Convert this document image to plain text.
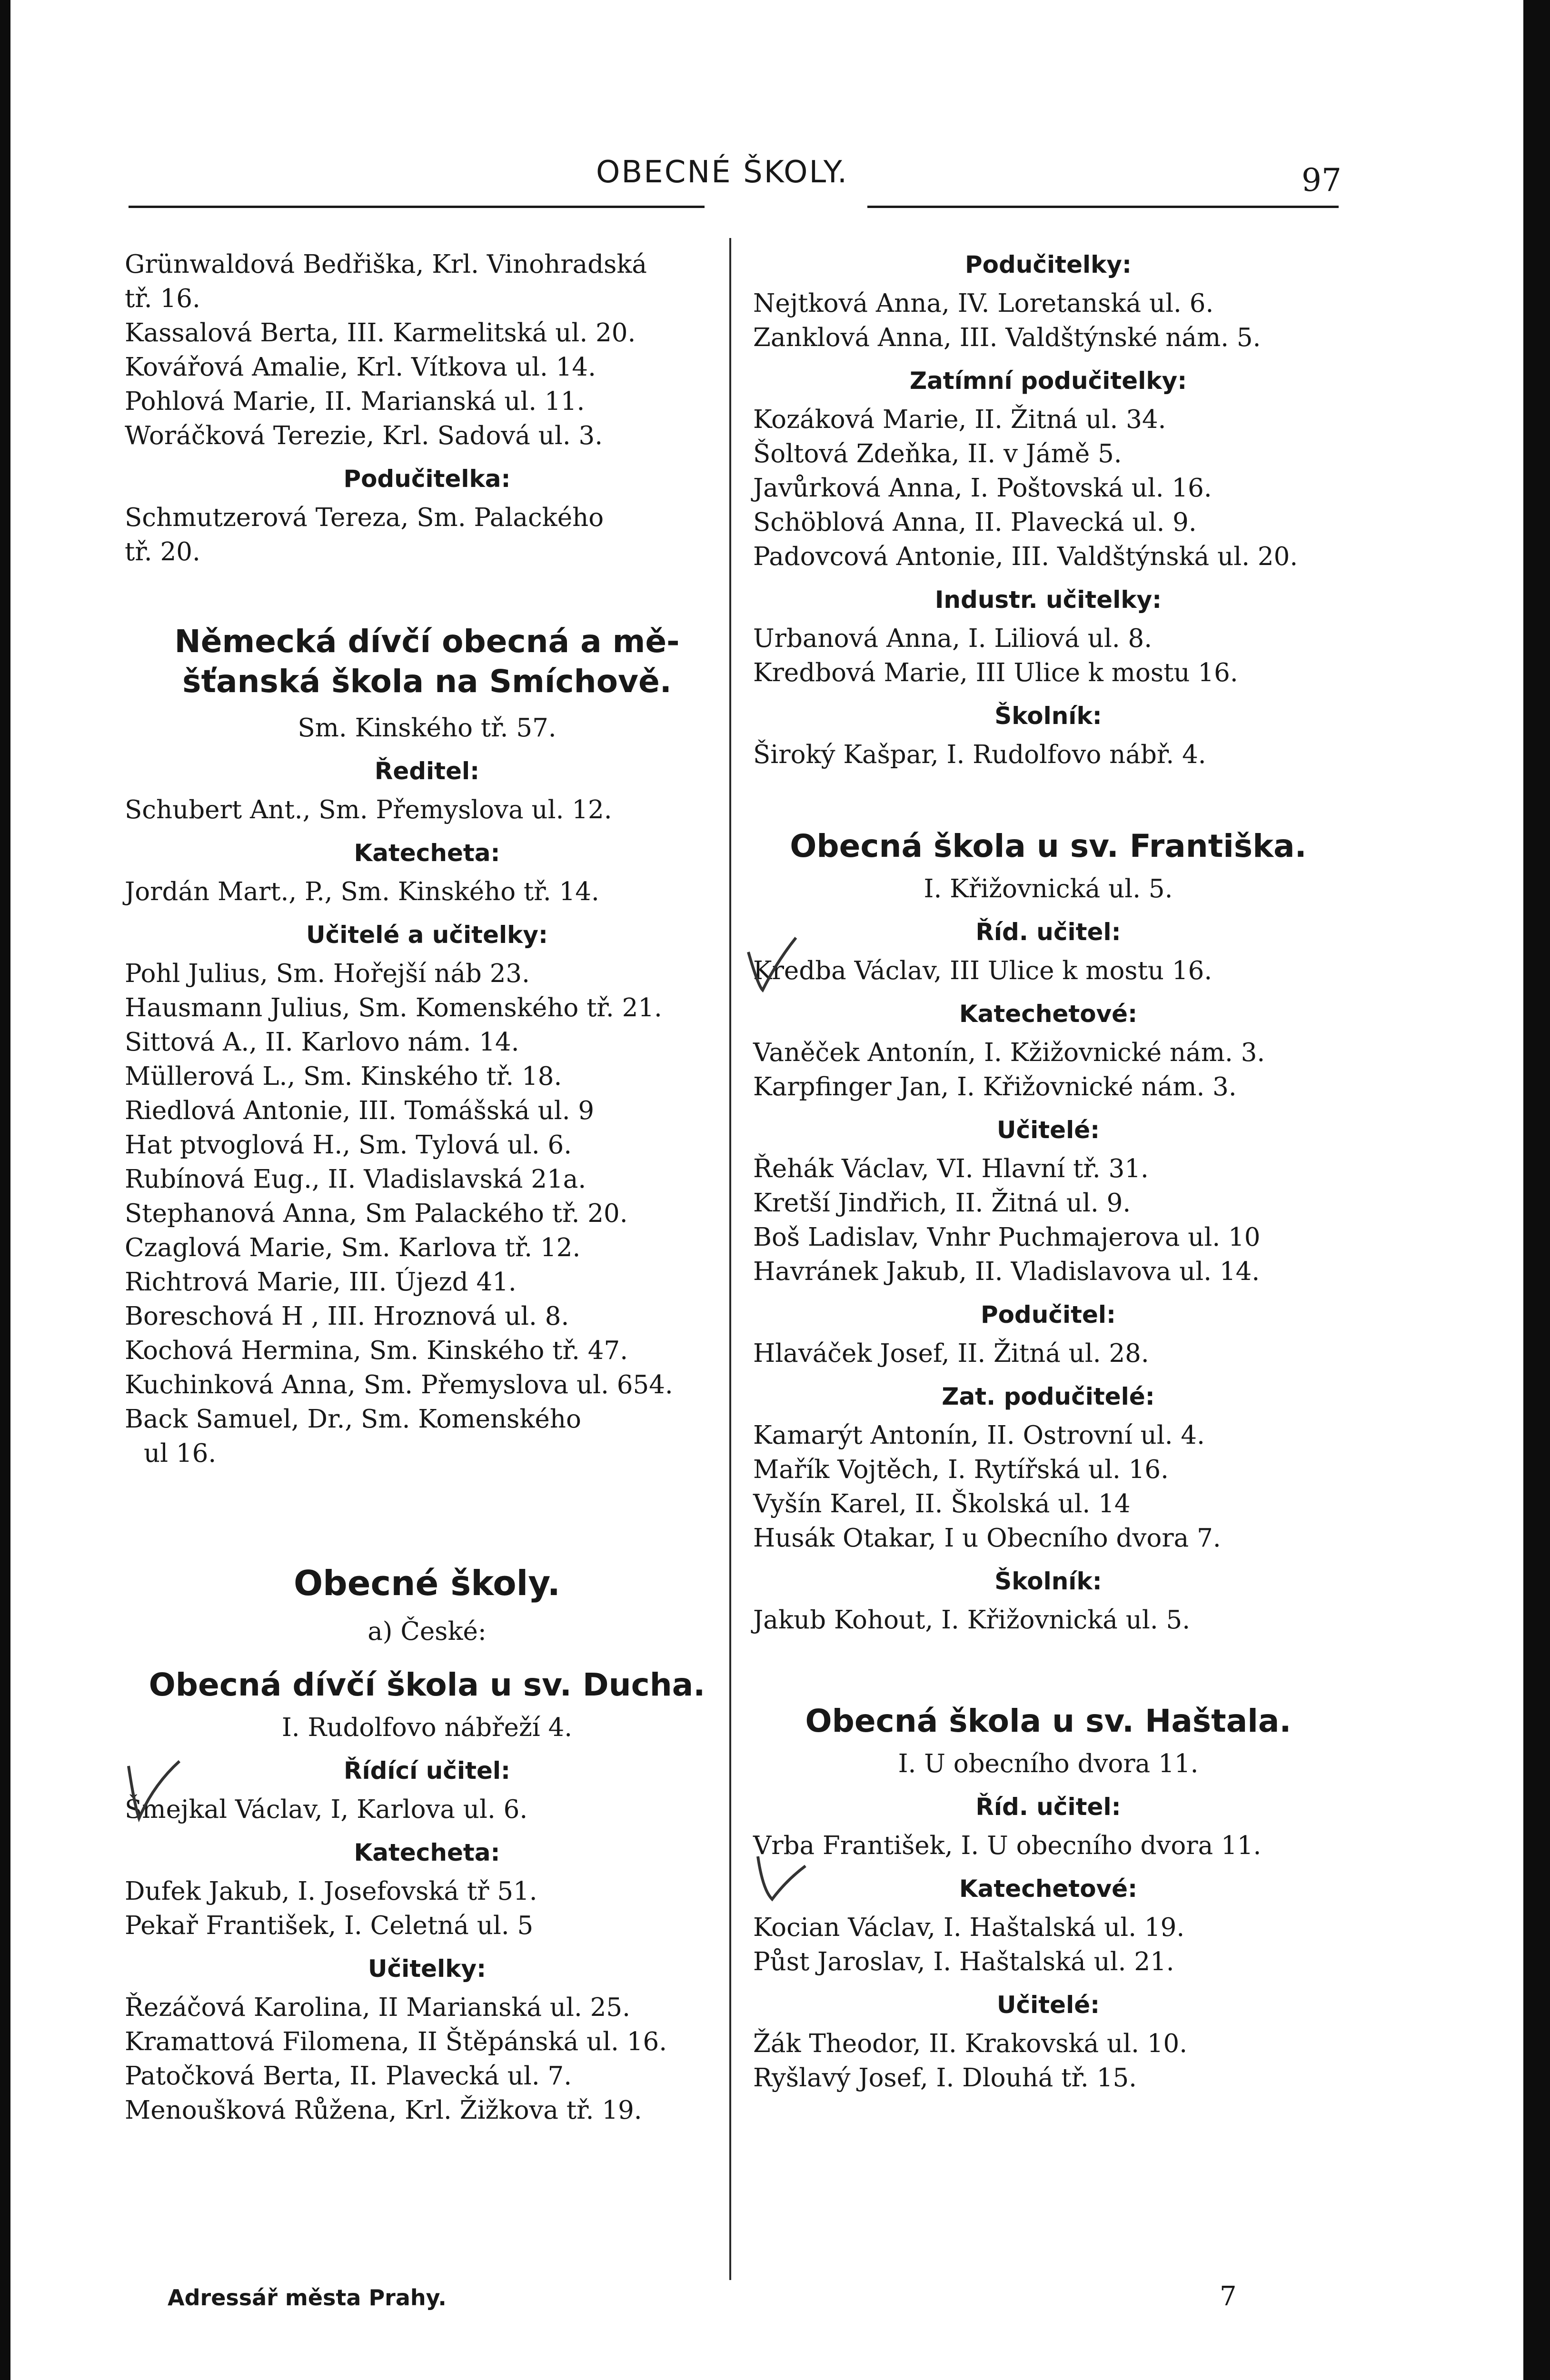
OBECNÉ ŠKOLY.	97

Grünwaldová Bedřiška, Krl. Vinohradská

tř. 16.

Kassalová Berta, III. Karmelitská ul. 20.

Kovářová Amalie, Krl. Vítkova ul. 14.

Pohlová Marie, II. Marianská ul. 11.

Woráčková Terezie, Krl. Sadová ul. 3.

Podučitelka:

Schmutzerová Tereza, Sm. Palackého

tř. 20.

Německá dívčí obecná a mě-
šťanská škola na Smíchově.
Sm. Kinského tř. 57.
Ředitel:

Schubert Ant., Sm. Přemyslova ul. 12.

Katecheta:

Jordán Mart., P., Sm. Kinského tř. 14.

Učitelé a učitelky:

Pohl Julius, Sm. Hořejší náb 23.

Hausmann Julius, Sm. Komenského tř. 21.

Sittová A., II. Karlovo nám. 14.

Müllerová L., Sm. Kinského tř. 18.

Riedlová Antonie, III. Tomášská ul. 9

Hat ptvoglová H., Sm. Tylová ul. 6.

Rubínová Eug., II. Vladislavská 21a.

Stephanová Anna, Sm Palackého tř. 20.

Czaglová Marie, Sm. Karlova tř. 12.

Richtrová Marie, III. Újezd 41.

Boreschová H , III. Hroznová ul. 8.

Kochová Hermina, Sm. Kinského tř. 47.

Kuchinková Anna, Sm. Přemyslova ul. 654.

Back Samuel, Dr., Sm. Komenského

ul 16.

Obecné školy.
a) České:
Obecná dívčí škola u sv. Ducha.
I. Rudolfovo nábřeží 4.
Řídící učitel:

Šmejkal Václav, I, Karlova ul. 6.

Katecheta:

Dufek Jakub, I. Josefovská tř 51.

Pekař František, I. Celetná ul. 5

Učitelky:

Řezáčová Karolina, II Marianská ul. 25.

Kramattová Filomena, II Štěpánská ul. 16.

Patočková Berta, II. Plavecká ul. 7.

Menoušková Růžena, Krl. Žižkova tř. 19.

Podučitelky:

Nejtková Anna, IV. Loretanská ul. 6.

Zanklová Anna, III. Valdštýnské nám. 5.

Zatímní podučitelky:

Kozáková Marie, II. Žitná ul. 34.

Šoltová Zdeňka, II. v Jámě 5.

Javůrková Anna, I. Poštovská ul. 16.

Schöblová Anna, II. Plavecká ul. 9.

Padovcová Antonie, III. Valdštýnská ul. 20.

Industr. učitelky:

Urbanová Anna, I. Liliová ul. 8.

Kredbová Marie, III Ulice k mostu 16.

Školník:

Široký Kašpar, I. Rudolfovo nábř. 4.

Obecná škola u sv. Františka.
I. Křižovnická ul. 5.
Říd. učitel:

Kredba Václav, III Ulice k mostu 16.

Katechetové:

Vaněček Antonín, I. Kžižovnické nám. 3.

Karpfinger Jan, I. Křižovnické nám. 3.

Učitelé:

Řehák Václav, VI. Hlavní tř. 31.

Kretší Jindřich, II. Žitná ul. 9.

Boš Ladislav, Vnhr Puchmajerova ul. 10

Havránek Jakub, II. Vladislavova ul. 14.

Podučitel:

Hlaváček Josef, II. Žitná ul. 28.

Zat. podučitelé:

Kamarýt Antonín, II. Ostrovní ul. 4.

Mařík Vojtěch, I. Rytířská ul. 16.

Vyšín Karel, II. Školská ul. 14

Husák Otakar, I u Obecního dvora 7.

Školník:

Jakub Kohout, I. Křižovnická ul. 5.

Obecná škola u sv. Haštala.
I. U obecního dvora 11.
Říd. učitel:

Vrba František, I. U obecního dvora 11.

Katechetové:

Kocian Václav, I. Haštalská ul. 19.

Půst Jaroslav, I. Haštalská ul. 21.

Učitelé:

Žák Theodor, II. Krakovská ul. 10.

Ryšlavý Josef, I. Dlouhá tř. 15.

Adressář města Prahy.	7
